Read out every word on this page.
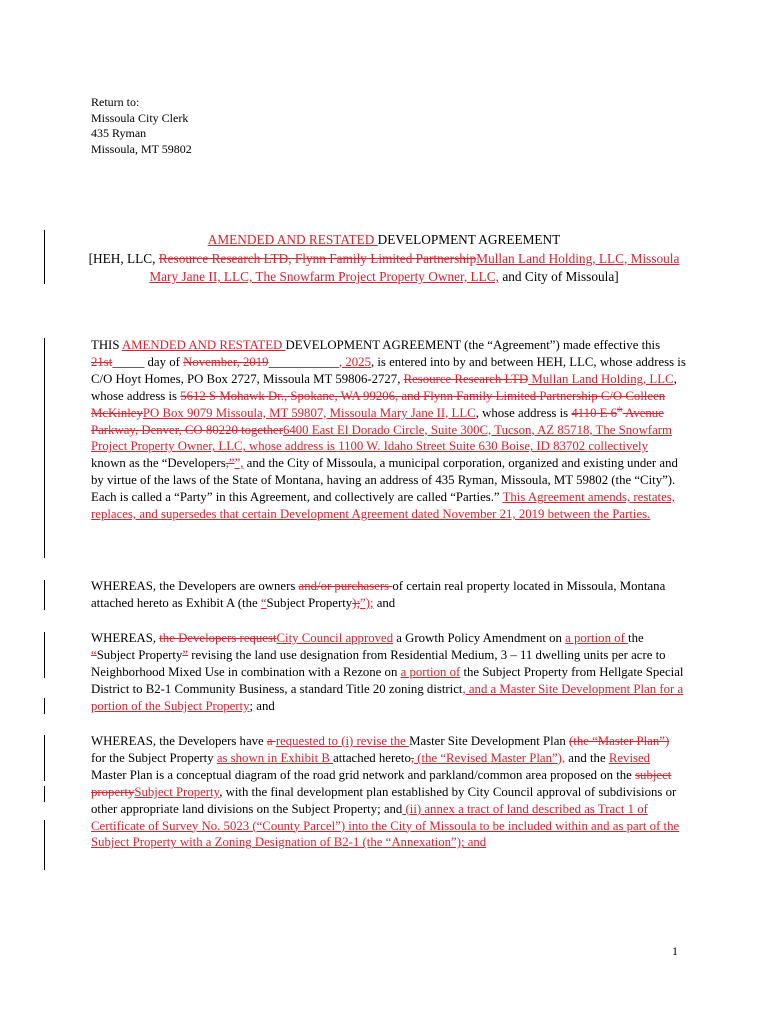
Return to:
Missoula City Clerk
435 Ryman
Missoula, MT 59802
AMENDED AND RESTATED DEVELOPMENT AGREEMENT
[HEH, LLC, Resource Research LTD, Flynn Family Limited PartnershipMullan Land Holding, LLC, Missoula Mary Jane II, LLC, The Snowfarm Project Property Owner, LLC, and City of Missoula]
THIS AMENDED AND RESTATED DEVELOPMENT AGREEMENT (the “Agreement”) made effective this 21st_____ day of November, 2019___________, 2025, is entered into by and between HEH, LLC, whose address is C/O Hoyt Homes, PO Box 2727, Missoula MT 59806-2727, Resource Research LTD Mullan Land Holding, LLC, whose address is 5612 S Mohawk Dr., Spokane, WA 99206, and Flynn Family Limited Partnership C/O Colleen McKinleyPO Box 9079 Missoula, MT 59807, Missoula Mary Jane II, LLC, whose address is 4110 E 6th Avenue Parkway, Denver, CO 80220 together6400 East El Dorado Circle, Suite 300C, Tucson, AZ 85718, The Snowfarm Project Property Owner, LLC, whose address is 1100 W. Idaho Street Suite 630 Boise, ID 83702 collectively known as the “Developers,””, and the City of Missoula, a municipal corporation, organized and existing under and by virtue of the laws of the State of Montana, having an address of 435 Ryman, Missoula, MT 59802 (the “City”). Each is called a “Party” in this Agreement, and collectively are called “Parties.” This Agreement amends, restates, replaces, and supersedes that certain Development Agreement dated November 21, 2019 between the Parties.
WHEREAS, the Developers are owners and/or purchasers of certain real property located in Missoula, Montana attached hereto as Exhibit A (the “Subject Property);”); and
WHEREAS, the Developers requestCity Council approved a Growth Policy Amendment on a portion of the “Subject Property” revising the land use designation from Residential Medium, 3 – 11 dwelling units per acre to Neighborhood Mixed Use in combination with a Rezone on a portion of the Subject Property from Hellgate Special District to B2-1 Community Business, a standard Title 20 zoning district, and a Master Site Development Plan for a portion of the Subject Property; and
WHEREAS, the Developers have a requested to (i) revise the Master Site Development Plan (the “Master Plan”) for the Subject Property as shown in Exhibit B attached hereto, (the “Revised Master Plan”), and the Revised Master Plan is a conceptual diagram of the road grid network and parkland/common area proposed on the subject propertySubject Property, with the final development plan established by City Council approval of subdivisions or other appropriate land divisions on the Subject Property; and (ii) annex a tract of land described as Tract 1 of Certificate of Survey No. 5023 (“County Parcel”) into the City of Missoula to be included within and as part of the Subject Property with a Zoning Designation of B2-1 (the “Annexation”); and
1
